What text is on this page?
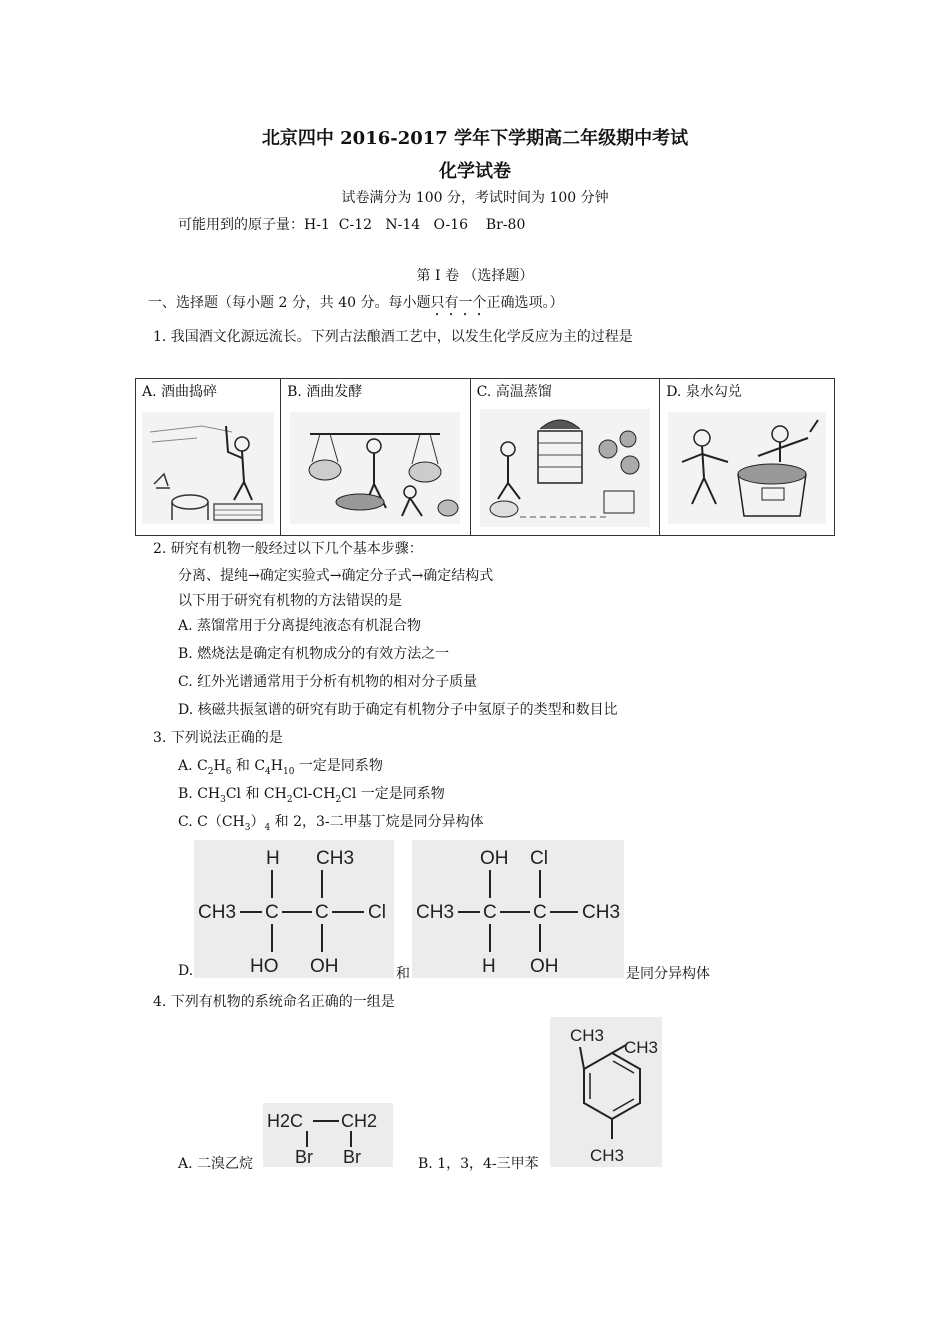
北京四中 2016-2017 学年下学期高二年级期中考试
化学试卷
试卷满分为 100 分，考试时间为 100 分钟
可能用到的原子量：H-1  C-12   N-14   O-16    Br-80
第 I 卷 （选择题）
一、选择题（每小题 2 分，共 40 分。每小题只有一个正确选项。）
1. 我国酒文化源远流长。下列古法酿酒工艺中，以发生化学反应为主的过程是
A. 酒曲捣碎	B. 酒曲发酵	C. 高温蒸馏	D. 泉水勾兑
2. 研究有机物一般经过以下几个基本步骤：
分离、提纯→确定实验式→确定分子式→确定结构式
以下用于研究有机物的方法错误的是
A. 蒸馏常用于分离提纯液态有机混合物
B. 燃烧法是确定有机物成分的有效方法之一
C. 红外光谱通常用于分析有机物的相对分子质量
D. 核磁共振氢谱的研究有助于确定有机物分子中氢原子的类型和数目比
3. 下列说法正确的是
A. $C_2H_6$ 和 $C_4H_{10}$ 一定是同系物
B. $CH_3Cl$ 和 $CH_2Cl-CH_2Cl$ 一定是同系物
C. $C(CH_3)_4$ 和 2，3-二甲基丁烷是同分异构体
D.
H CH3
CH3 C C Cl
HO OH	和
OH Cl
CH3 C C CH3
H OH	是同分异构体
4. 下列有机物的系统命名正确的一组是
A. 二溴乙烷
H2C CH2
Br Br	B. 1，3，4-三甲苯
CH3
CH3
CH3
